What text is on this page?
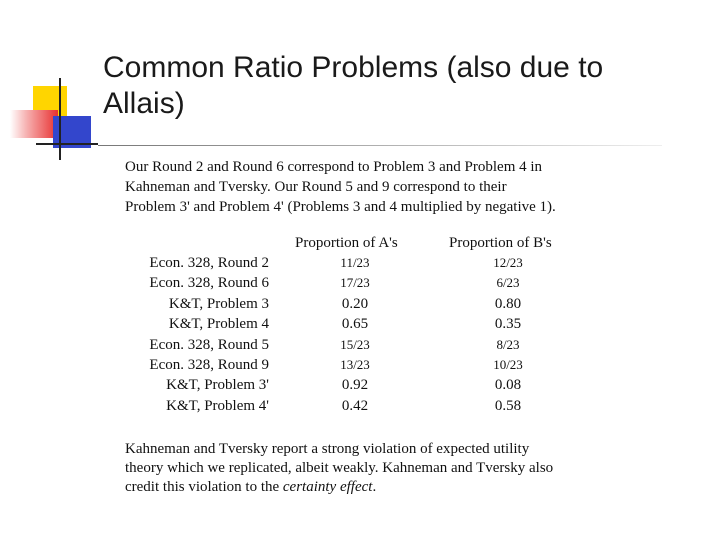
Common Ratio Problems (also due to
Allais)
Our Round 2 and Round 6 correspond to Problem 3 and Problem 4 in
Kahneman and Tversky. Our Round 5 and 9 correspond to their
Problem 3' and Problem 4' (Problems 3 and 4 multiplied by negative 1).
Proportion of A's	Proportion of B's
Econ. 328, Round 2	11/23	12/23
Econ. 328, Round 6	17/23	6/23
K&T, Problem 3	0.20	0.80
K&T, Problem 4	0.65	0.35
Econ. 328, Round 5	15/23	8/23
Econ. 328, Round 9	13/23	10/23
K&T, Problem 3'	0.92	0.08
K&T, Problem 4'	0.42	0.58
Kahneman and Tversky report a strong violation of expected utility
theory which we replicated, albeit weakly. Kahneman and Tversky also
credit this violation to the certainty effect.
